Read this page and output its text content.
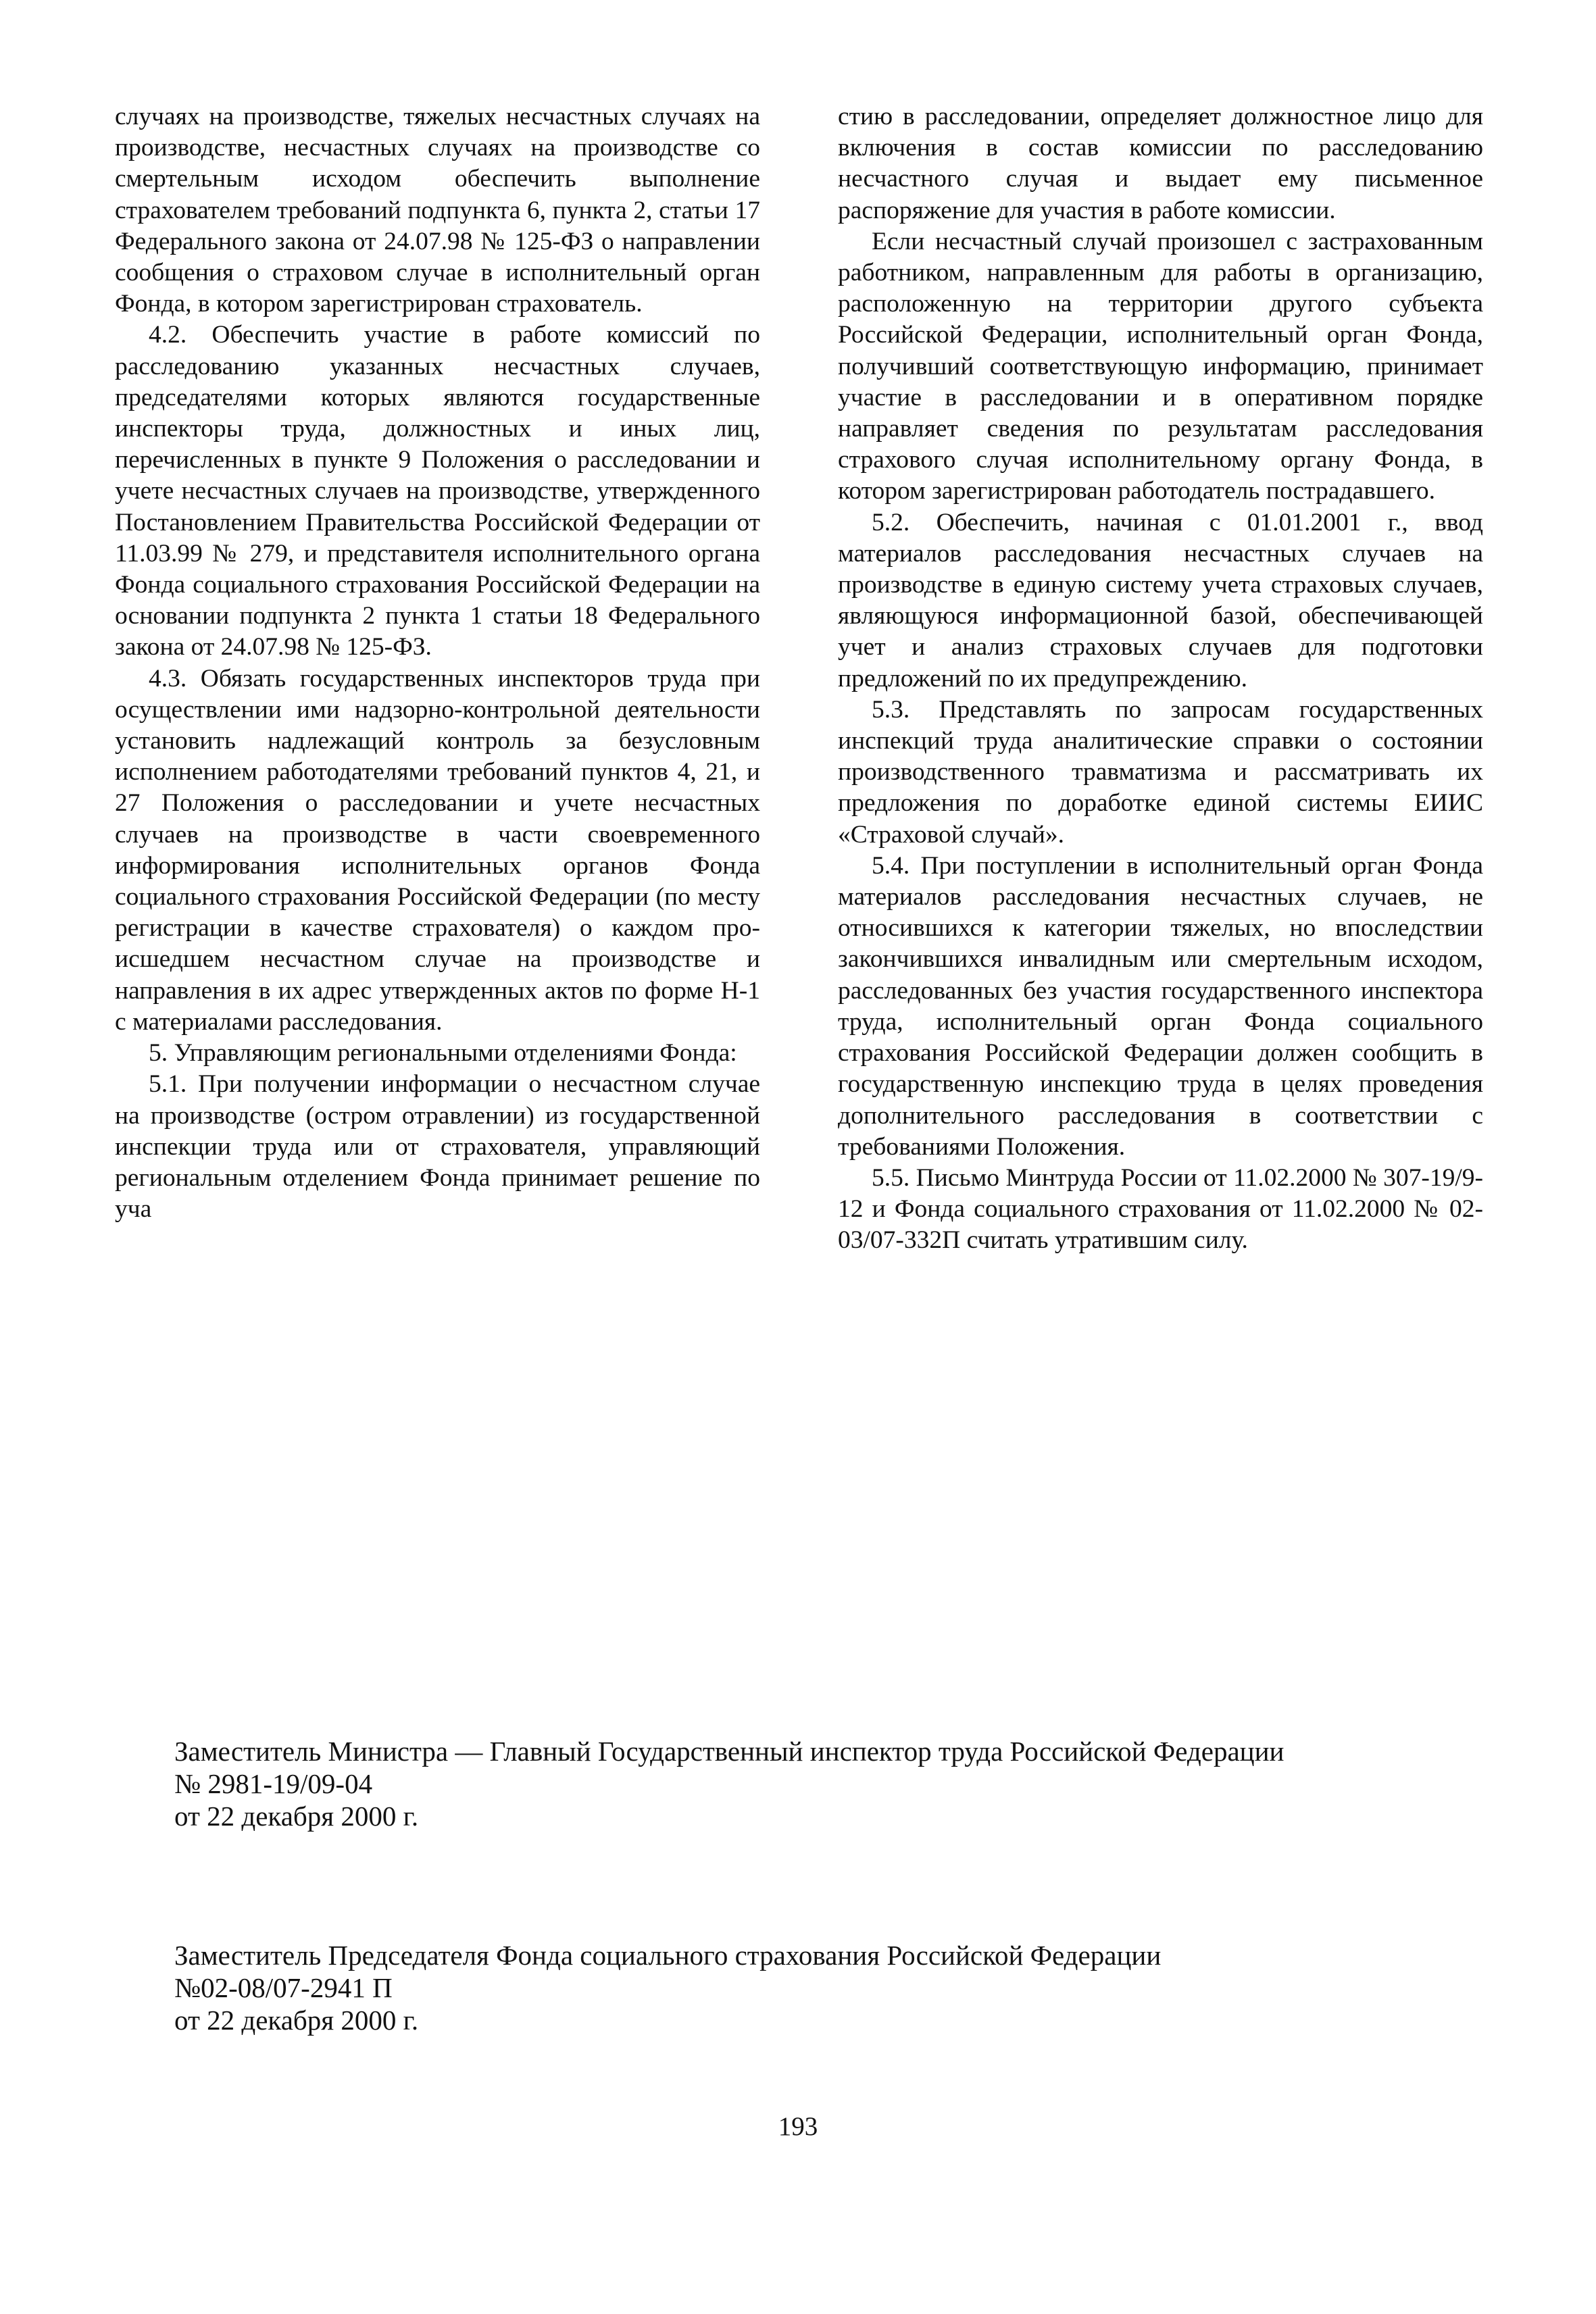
случаях на производстве, тяжелых несчастных случаях на производстве, несчастных случаях на производстве со смертельным исходом обеспечить выполнение страхователем требований подпункта 6, пункта 2, статьи 17 Федерального закона от 24.07.98 № 125-ФЗ о направлении сообщения о страховом случае в исполнительный орган Фонда, в котором зарегистрирован страхователь.

4.2. Обеспечить участие в работе комиссий по расследованию указанных несчастных случаев, председателями которых являются государственные инспекторы труда, должностных и иных лиц, перечисленных в пункте 9 Положения о расследовании и учете несчастных случаев на производстве, утвержденного Постановлением Правительства Российской Федерации от 11.03.99 № 279, и представителя исполнительного органа Фонда социального страхования Российской Федерации на основании подпункта 2 пункта 1 статьи 18 Федерального закона от 24.07.98 № 125-ФЗ.

4.3. Обязать государственных инспекторов труда при осуществлении ими надзорно-контрольной деятельности установить надлежащий контроль за безусловным исполнением работодателями требований пунктов 4, 21, и 27 Положения о расследовании и учете несчастных случаев на производстве в части своевременного информирования исполнительных органов Фонда социального страхования Российской Федерации (по месту регистрации в качестве страхователя) о каждом происшедшем несчастном случае на производстве и направления в их адрес утвержденных актов по форме Н-1 с материалами расследования.

5. Управляющим региональными отделениями Фонда:

5.1. При получении информации о несчастном случае на производстве (остром отравлении) из государственной инспекции труда или от страхователя, управляющий региональным отделением Фонда принимает решение по уча

стию в расследовании, определяет должностное лицо для включения в состав комиссии по расследованию несчастного случая и выдает ему письменное распоряжение для участия в работе комиссии.

Если несчастный случай произошел с застрахованным работником, направленным для работы в организацию, расположенную на территории другого субъекта Российской Федерации, исполнительный орган Фонда, получивший соответствующую информацию, принимает участие в расследовании и в оперативном порядке направляет сведения по результатам расследования страхового случая исполнительному органу Фонда, в котором зарегистрирован работодатель пострадавшего.

5.2. Обеспечить, начиная с 01.01.2001 г., ввод материалов расследования несчастных случаев на производстве в единую систему учета страховых случаев, являющуюся информационной базой, обеспечивающей учет и анализ страховых случаев для подготовки предложений по их предупреждению.

5.3. Представлять по запросам государственных инспекций труда аналитические справки о состоянии производственного травматизма и рассматривать их предложения по доработке единой системы ЕИИС «Страховой случай».

5.4. При поступлении в исполнительный орган Фонда материалов расследования несчастных случаев, не относившихся к категории тяжелых, но впоследствии закончившихся инвалидным или смертельным исходом, расследованных без участия государственного инспектора труда, исполнительный орган Фонда социального страхования Российской Федерации должен сообщить в государственную инспекцию труда в целях проведения дополнительного расследования в соответствии с требованиями Положения.

5.5. Письмо Минтруда России от 11.02.2000 № 307-19/9-12 и Фонда социального страхования от 11.02.2000 № 02-03/07-332П считать утратившим силу.

Заместитель Министра — Главный Государственный инспектор труда Российской Федерации
№ 2981-19/09-04
от 22 декабря 2000 г.
Заместитель Председателя Фонда социального страхования Российской Федерации
№02-08/07-2941 П
от 22 декабря 2000 г.
193
